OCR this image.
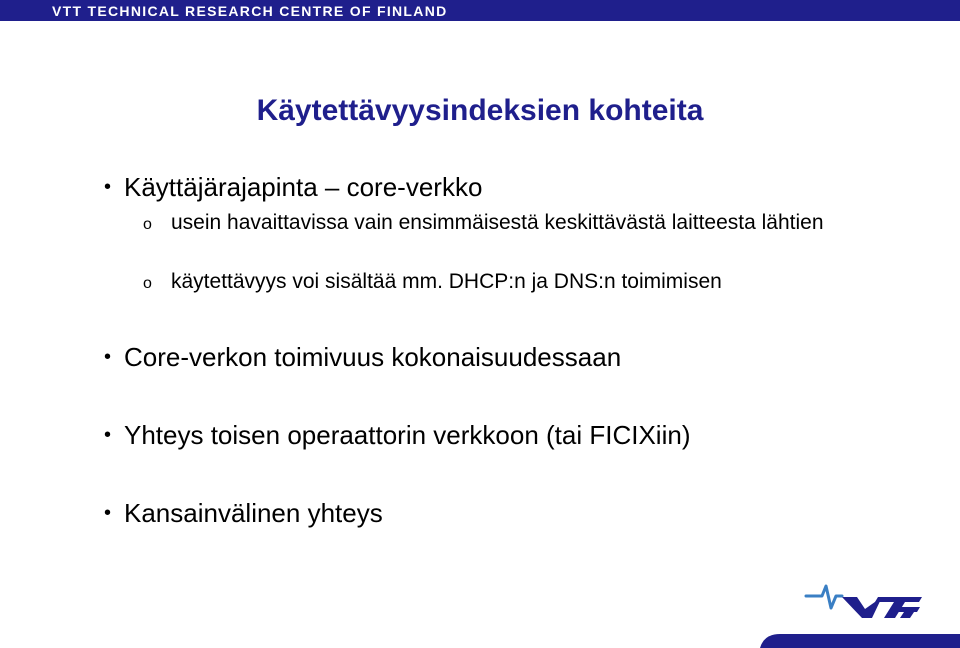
VTT TECHNICAL RESEARCH CENTRE OF FINLAND
Käytettävyysindeksien kohteita
• Käyttäjärajapinta – core-verkko
o usein havaittavissa vain ensimmäisestä keskittävästä laitteesta lähtien
o käytettävyys voi sisältää mm. DHCP:n ja DNS:n toimimisen
• Core-verkon toimivuus kokonaisuudessaan
• Yhteys toisen operaattorin verkkoon (tai FICIXiin)
• Kansainvälinen yhteys
